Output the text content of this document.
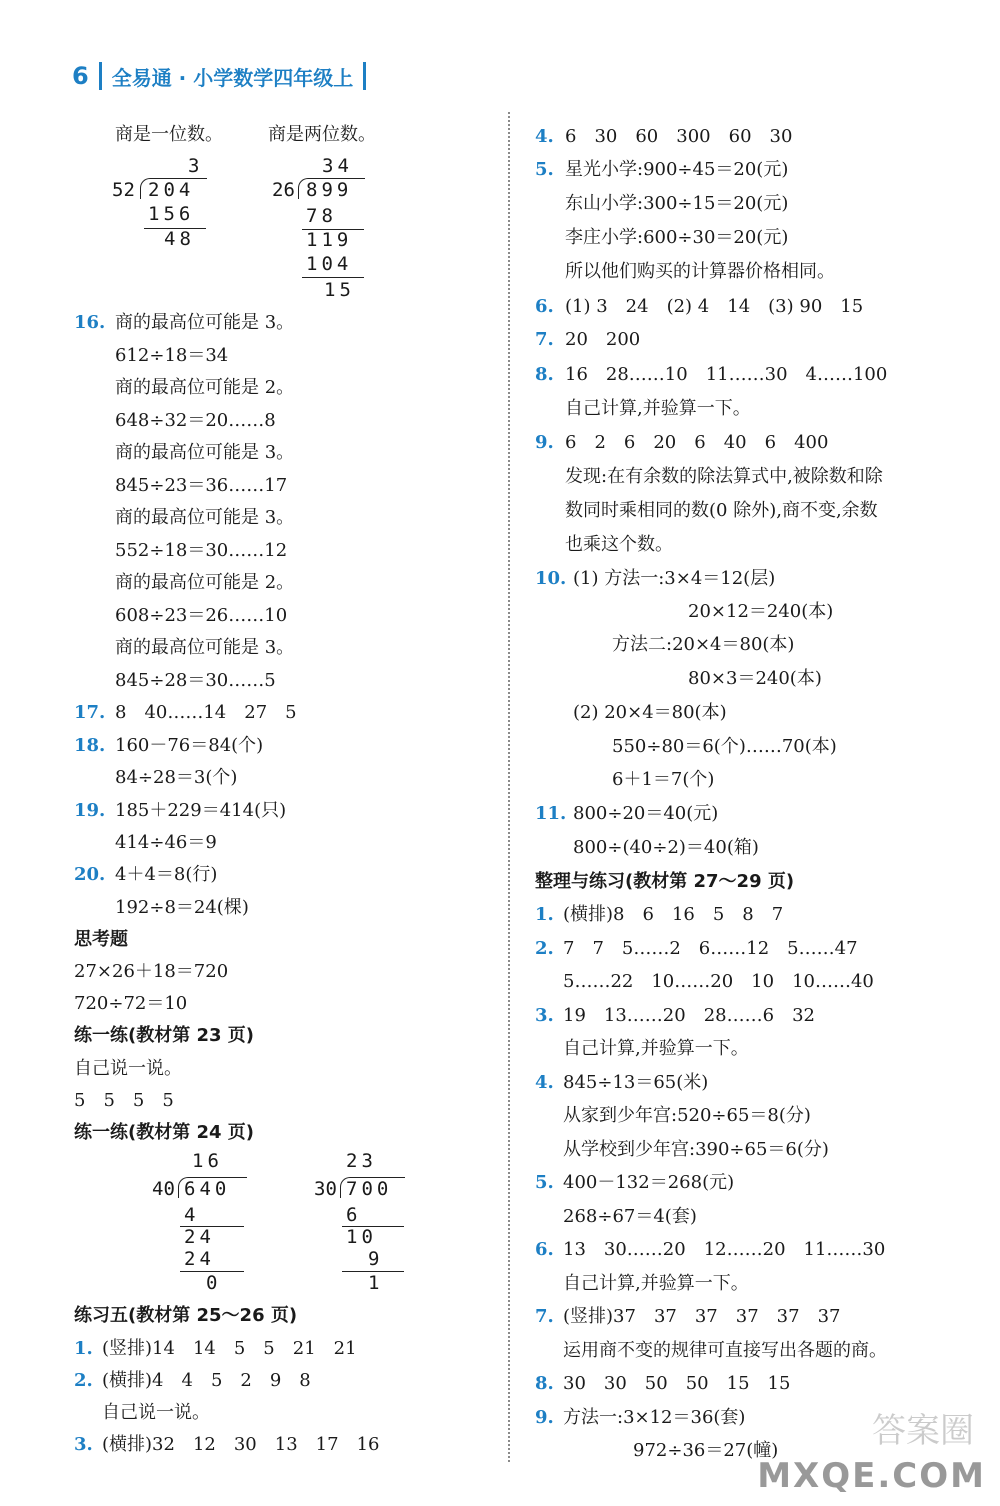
6 全易通 · 小学数学四年级上
商是一位数。	商是两位数。
3
52 204
156
48
34
26 899
78
119
104
15
16. 商的最高位可能是 3。
612÷18＝34
商的最高位可能是 2。
648÷32＝20……8
商的最高位可能是 3。
845÷23＝36……17
商的最高位可能是 3。
552÷18＝30……12
商的最高位可能是 2。
608÷23＝26……10
商的最高位可能是 3。
845÷28＝30……5
17. 8　40……14　27　5
18. 160－76＝84(个)
84÷28＝3(个)
19. 185＋229＝414(只)
414÷46＝9
20. 4＋4＝8(行)
192÷8＝24(棵)
思考题
27×26＋18＝720
720÷72＝10
练一练(教材第 23 页)
自己说一说。
5　5　5　5
练一练(教材第 24 页)
16
40 640
4
24
24
0
23
30 700
6
10
9
1
练习五(教材第 25～26 页)
1. (竖排)14　14　5　5　21　21
2. (横排)4　4　5　2　9　8
自己说一说。
3. (横排)32　12　30　13　17　16
4. 6　30　60　300　60　30
5. 星光小学:900÷45＝20(元)
东山小学:300÷15＝20(元)
李庄小学:600÷30＝20(元)
所以他们购买的计算器价格相同。
6. (1) 3　24　(2) 4　14　(3) 90　15
7. 20　200
8. 16　28……10　11……30　4……100
自己计算,并验算一下。
9. 6　2　6　20　6　40　6　400
发现:在有余数的除法算式中,被除数和除
数同时乘相同的数(0 除外),商不变,余数
也乘这个数。
10. (1) 方法一:3×4＝12(层)
20×12＝240(本)
方法二:20×4＝80(本)
80×3＝240(本)
(2) 20×4＝80(本)
550÷80＝6(个)……70(本)
6＋1＝7(个)
11. 800÷20＝40(元)
800÷(40÷2)＝40(箱)
整理与练习(教材第 27～29 页)
1. (横排)8　6　16　5　8　7
2. 7　7　5……2　6……12　5……47
5……22　10……20　10　10……40
3. 19　13……20　28……6　32
自己计算,并验算一下。
4. 845÷13＝65(米)
从家到少年宫:520÷65＝8(分)
从学校到少年宫:390÷65＝6(分)
5. 400－132＝268(元)
268÷67＝4(套)
6. 13　30……20　12……20　11……30
自己计算,并验算一下。
7. (竖排)37　37　37　37　37　37
运用商不变的规律可直接写出各题的商。
8. 30　30　50　50　15　15
9. 方法一:3×12＝36(套)
972÷36＝27(幢)
MXQE.COM
答案圈
